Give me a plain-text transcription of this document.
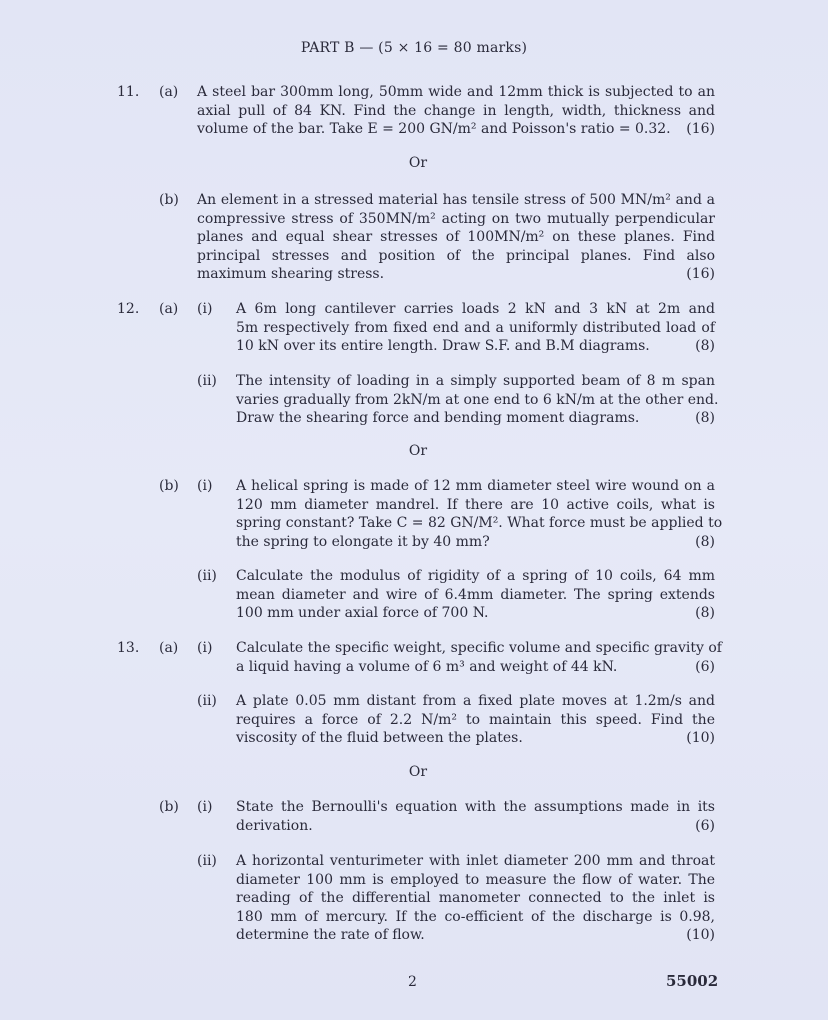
PART B — (5 × 16 = 80 marks)
11. (a) A steel bar 300mm long, 50mm wide and 12mm thick is subjected to an
axial pull of 84 KN. Find the change in length, width, thickness and
volume of the bar. Take E = 200 GN/m² and Poisson's ratio = 0.32. (16)
Or
(b) An element in a stressed material has tensile stress of 500 MN/m² and a
compressive stress of 350MN/m² acting on two mutually perpendicular
planes and equal shear stresses of 100MN/m² on these planes. Find
principal stresses and position of the principal planes. Find also
maximum shearing stress.	(16)
12. (a) (i) A 6m long cantilever carries loads 2 kN and 3 kN at 2m and
5m respectively from fixed end and a uniformly distributed load of
10 kN over its entire length. Draw S.F. and B.M diagrams.	(8)
(ii) The intensity of loading in a simply supported beam of 8 m span
varies gradually from 2kN/m at one end to 6 kN/m at the other end.
Draw the shearing force and bending moment diagrams.	(8)
Or
(b) (i) A helical spring is made of 12 mm diameter steel wire wound on a
120 mm diameter mandrel. If there are 10 active coils, what is
spring constant? Take C = 82 GN/M². What force must be applied to
the spring to elongate it by 40 mm?	(8)
(ii) Calculate the modulus of rigidity of a spring of 10 coils, 64 mm
mean diameter and wire of 6.4mm diameter. The spring extends
100 mm under axial force of 700 N.	(8)
13. (a) (i) Calculate the specific weight, specific volume and specific gravity of
a liquid having a volume of 6 m³ and weight of 44 kN.	(6)
(ii) A plate 0.05 mm distant from a fixed plate moves at 1.2m/s and
requires a force of 2.2 N/m² to maintain this speed. Find the
viscosity of the fluid between the plates.	(10)
Or
(b) (i) State the Bernoulli's equation with the assumptions made in its
derivation.	(6)
(ii) A horizontal venturimeter with inlet diameter 200 mm and throat
diameter 100 mm is employed to measure the flow of water. The
reading of the differential manometer connected to the inlet is
180 mm of mercury. If the co-efficient of the discharge is 0.98,
determine the rate of flow.	(10)
2	55002
